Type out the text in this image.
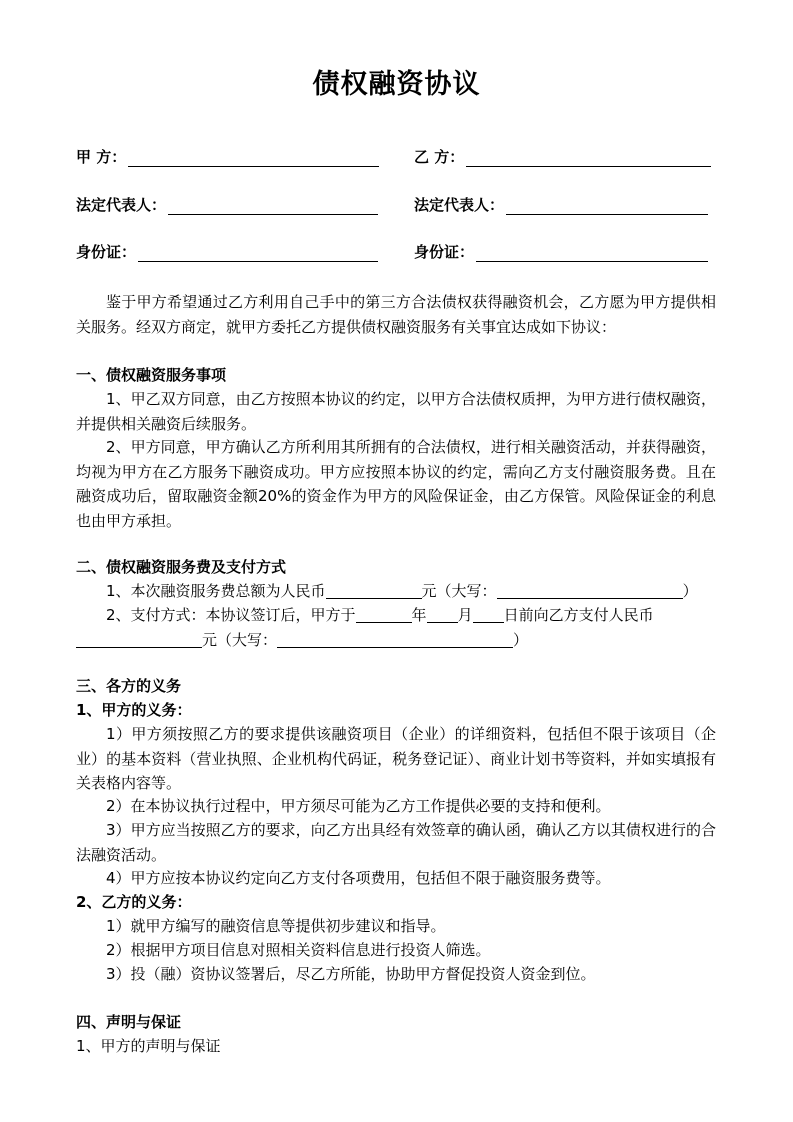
债权融资协议
甲 方：	乙 方：
法定代表人：	法定代表人：
身份证：	身份证：
鉴于甲方希望通过乙方利用自己手中的第三方合法债权获得融资机会，乙方愿为甲方提供相关服务。经双方商定，就甲方委托乙方提供债权融资服务有关事宜达成如下协议：
一、债权融资服务事项
1、甲乙双方同意，由乙方按照本协议的约定，以甲方合法债权质押，为甲方进行债权融资，并提供相关融资后续服务。
2、甲方同意，甲方确认乙方所利用其所拥有的合法债权，进行相关融资活动，并获得融资，均视为甲方在乙方服务下融资成功。甲方应按照本协议的约定，需向乙方支付融资服务费。且在融资成功后，留取融资金额20%的资金作为甲方的风险保证金，由乙方保管。风险保证金的利息也由甲方承担。
二、债权融资服务费及支付方式
1、本次融资服务费总额为人民币	元（大写：	）
2、支付方式：本协议签订后，甲方于	年 月 日前向乙方支付人民币
元（大写：	）
三、各方的义务
1、甲方的义务：
1）甲方须按照乙方的要求提供该融资项目（企业）的详细资料，包括但不限于该项目（企业）的基本资料（营业执照、企业机构代码证，税务登记证）、商业计划书等资料，并如实填报有关表格内容等。
2）在本协议执行过程中，甲方须尽可能为乙方工作提供必要的支持和便利。
3）甲方应当按照乙方的要求，向乙方出具经有效签章的确认函，确认乙方以其债权进行的合法融资活动。
4）甲方应按本协议约定向乙方支付各项费用，包括但不限于融资服务费等。
2、乙方的义务：
1）就甲方编写的融资信息等提供初步建议和指导。
2）根据甲方项目信息对照相关资料信息进行投资人筛选。
3）投（融）资协议签署后，尽乙方所能，协助甲方督促投资人资金到位。
四、声明与保证
1、甲方的声明与保证
